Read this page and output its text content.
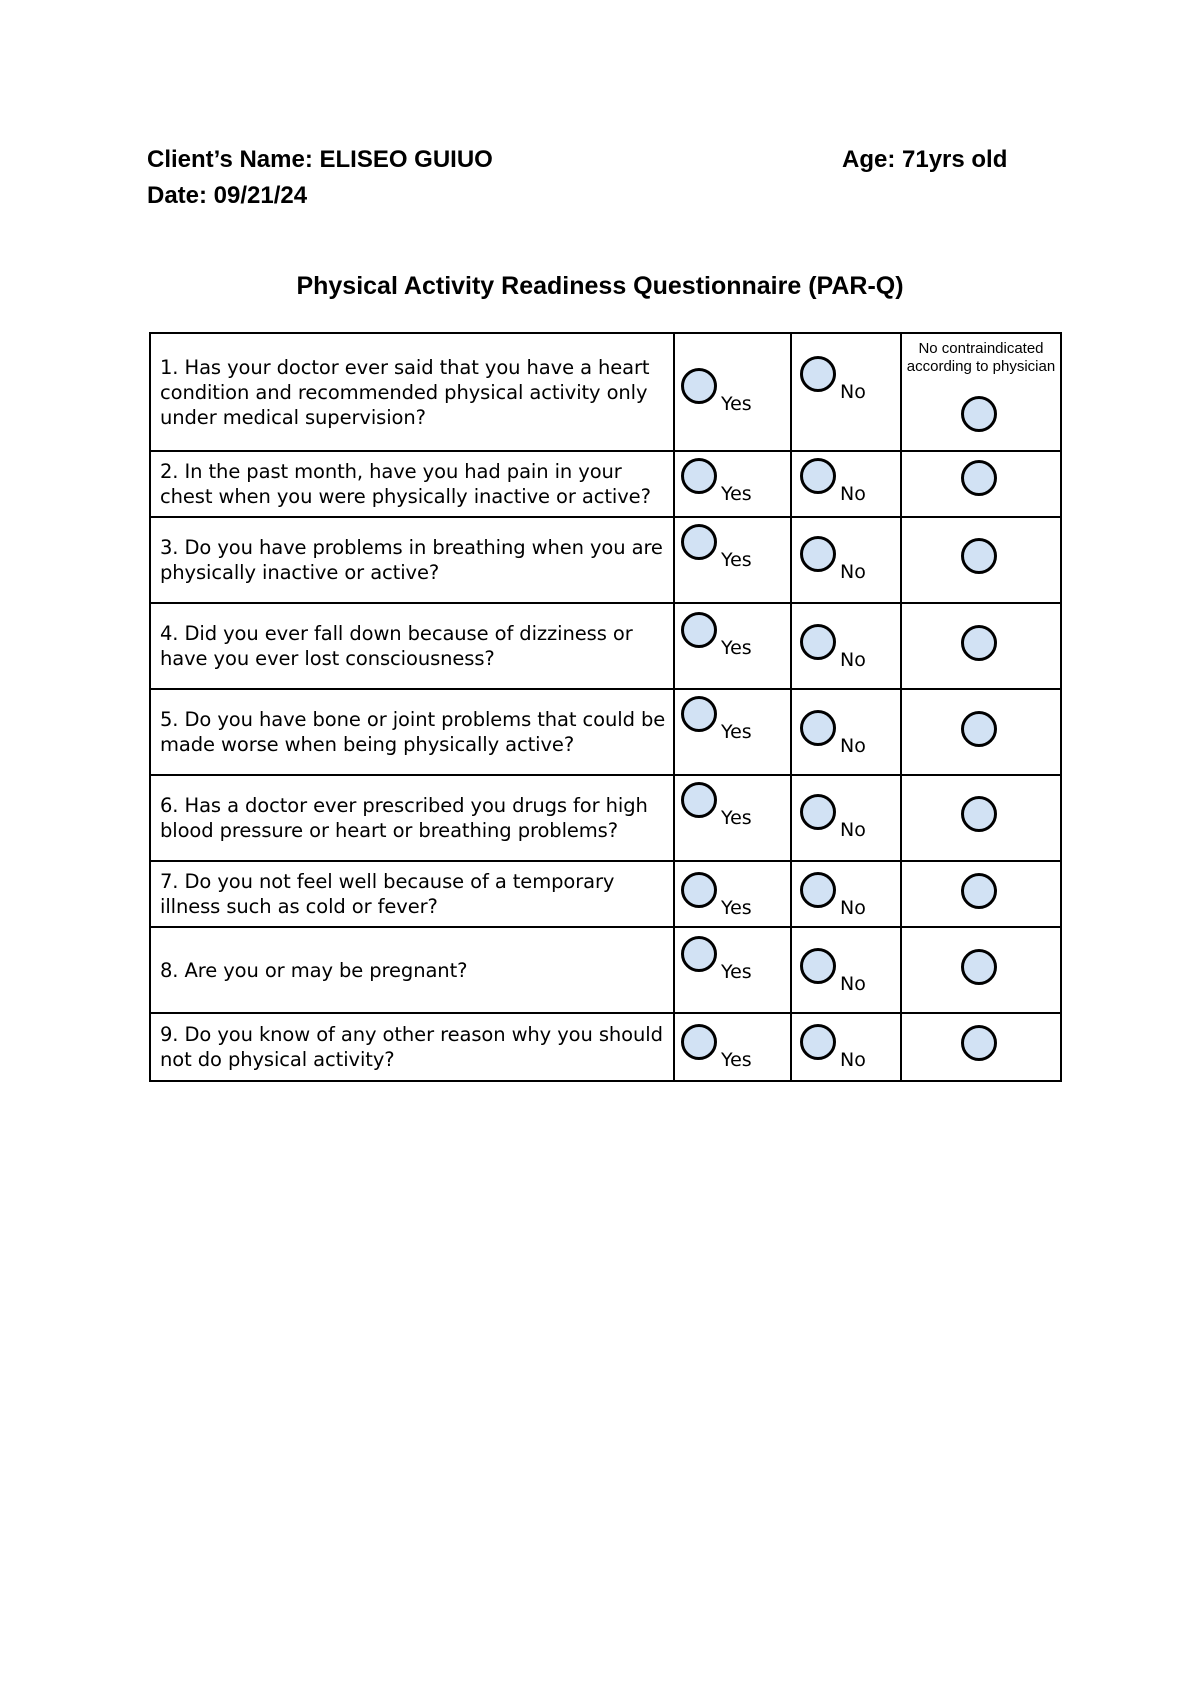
Client’s Name: ELISEO GUIUO	Age: 71yrs old
Date: 09/21/24
Physical Activity Readiness Questionnaire (PAR-Q)
1. Has your doctor ever said that you have a heart condition and recommended physical activity only under medical supervision?	Yes	No	No contraindicated according to physician

2. In the past month, have you had pain in your chest when you were physically inactive or active?	Yes	No	

3. Do you have problems in breathing when you are physically inactive or active?	Yes	No	

4. Did you ever fall down because of dizziness or have you ever lost consciousness?	Yes	No	

5. Do you have bone or joint problems that could be made worse when being physically active?	Yes	No	

6. Has a doctor ever prescribed you drugs for high blood pressure or heart or breathing problems?	Yes	No	

7. Do you not feel well because of a temporary illness such as cold or fever?	Yes	No	

8. Are you or may be pregnant?	Yes	No	

9. Do you know of any other reason why you should not do physical activity?	Yes	No	
